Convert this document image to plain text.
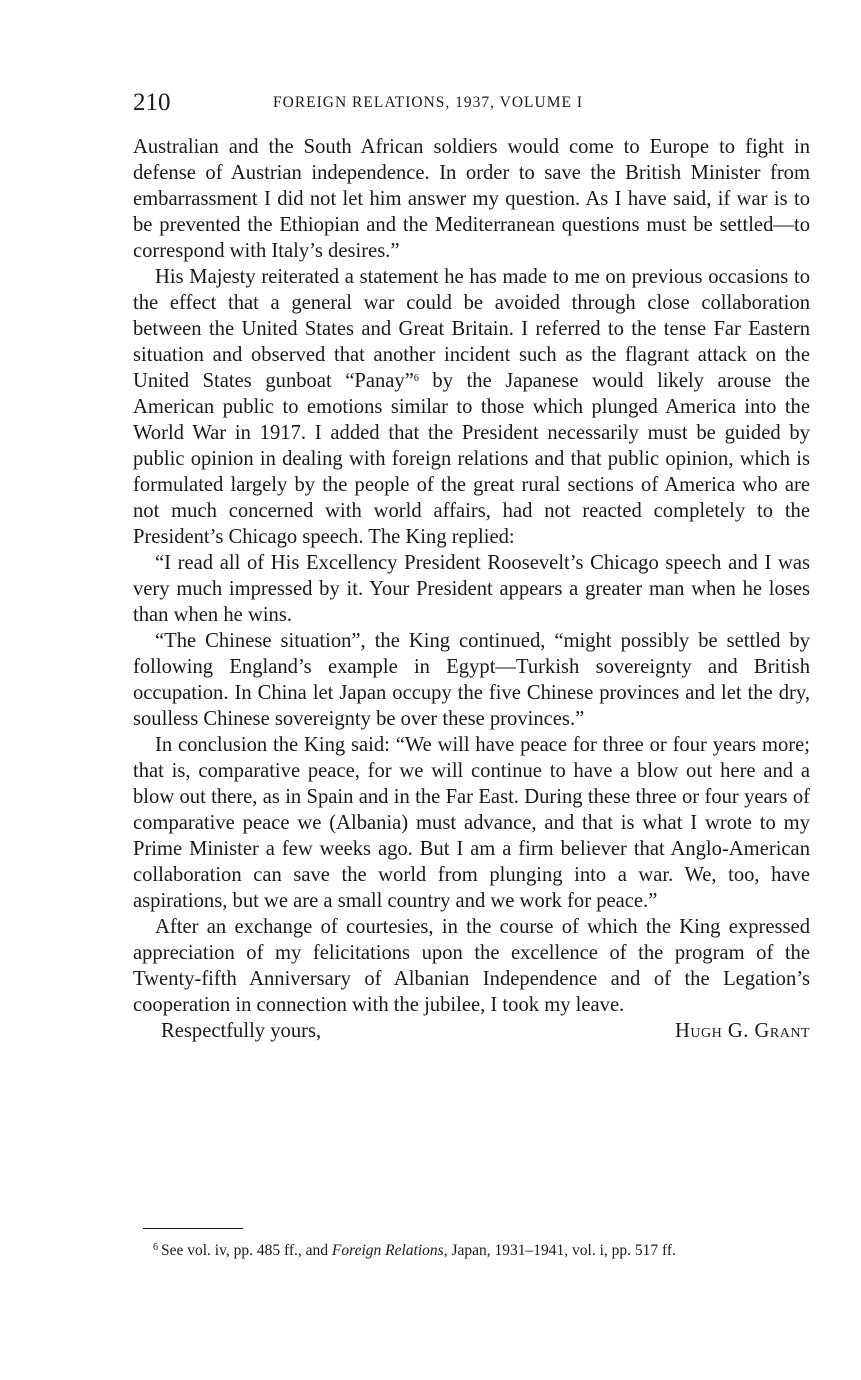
210	FOREIGN RELATIONS, 1937, VOLUME I

Australian and the South African soldiers would come to Europe to fight in defense of Austrian independence. In order to save the British Minister from embarrassment I did not let him answer my question. As I have said, if war is to be prevented the Ethiopian and the Mediterranean questions must be settled—to correspond with Italy’s desires.”

His Majesty reiterated a statement he has made to me on previous occasions to the effect that a general war could be avoided through close collaboration between the United States and Great Britain. I referred to the tense Far Eastern situation and observed that another incident such as the flagrant attack on the United States gunboat “Panay”$^6$ by the Japanese would likely arouse the American public to emotions similar to those which plunged America into the World War in 1917. I added that the President necessarily must be guided by public opinion in dealing with foreign relations and that public opinion, which is formulated largely by the people of the great rural sections of America who are not much concerned with world affairs, had not reacted completely to the President’s Chicago speech. The King replied:

“I read all of His Excellency President Roosevelt’s Chicago speech and I was very much impressed by it. Your President appears a greater man when he loses than when he wins.

“The Chinese situation”, the King continued, “might possibly be settled by following England’s example in Egypt—Turkish sovereignty and British occupation. In China let Japan occupy the five Chinese provinces and let the dry, soulless Chinese sovereignty be over these provinces.”

In conclusion the King said: “We will have peace for three or four years more; that is, comparative peace, for we will continue to have a blow out here and a blow out there, as in Spain and in the Far East. During these three or four years of comparative peace we (Albania) must advance, and that is what I wrote to my Prime Minister a few weeks ago. But I am a firm believer that Anglo-American collaboration can save the world from plunging into a war. We, too, have aspirations, but we are a small country and we work for peace.”

After an exchange of courtesies, in the course of which the King expressed appreciation of my felicitations upon the excellence of the program of the Twenty-fifth Anniversary of Albanian Independence and of the Legation’s cooperation in connection with the jubilee, I took my leave.

Respectfully yours,	Hugh G. Grant
$^6$ See vol. iv, pp. 485 ff., and Foreign Relations, Japan, 1931–1941, vol. i, pp. 517 ff.
